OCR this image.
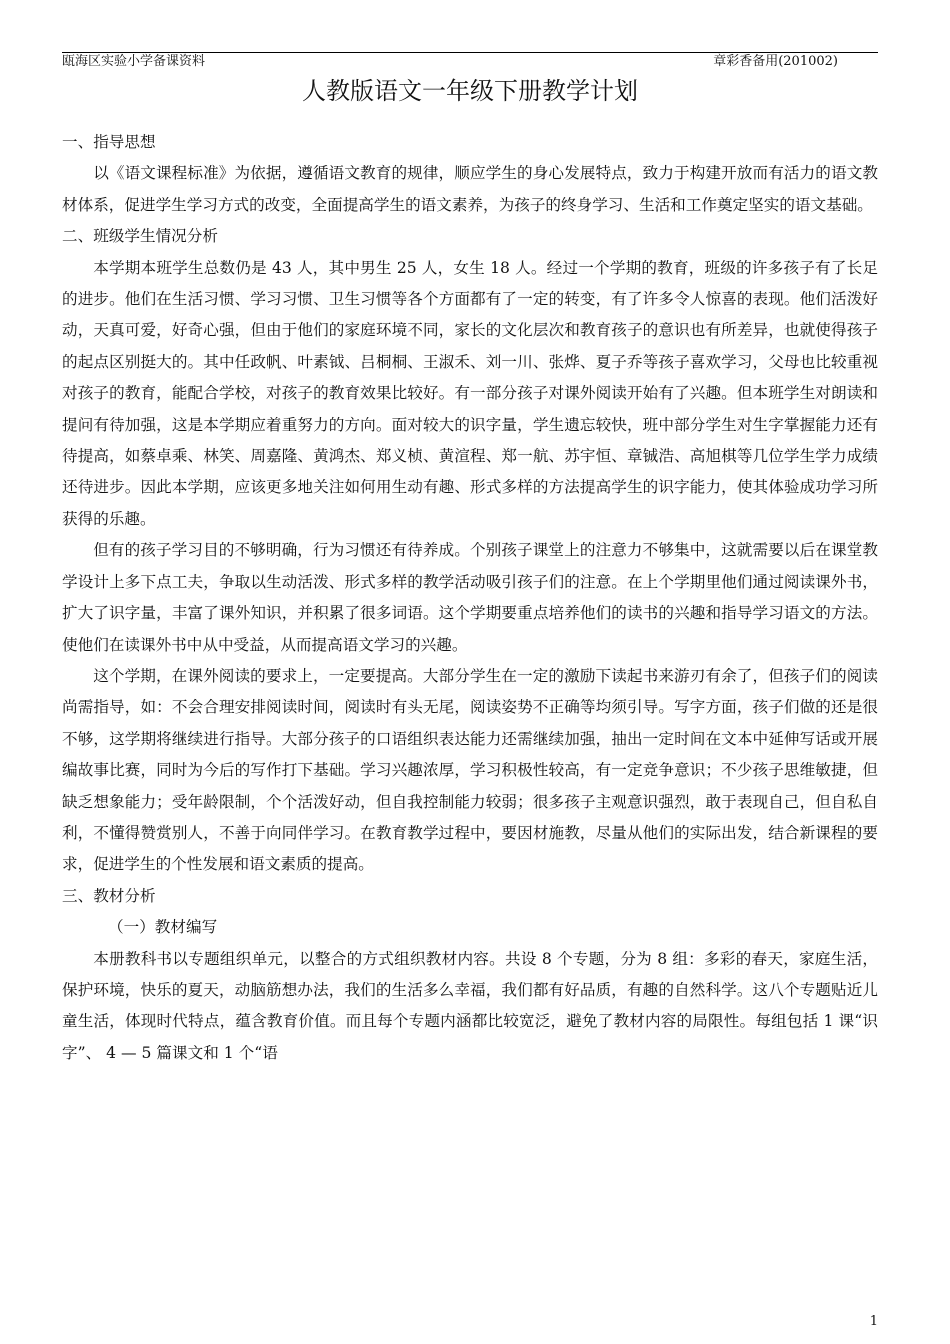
瓯海区实验小学备课资料	章彩香备用(201002)
人教版语文一年级下册教学计划
一、指导思想

以《语文课程标准》为依据，遵循语文教育的规律，顺应学生的身心发展特点，致力于构建开放而有活力的语文教材体系，促进学生学习方式的改变，全面提高学生的语文素养，为孩子的终身学习、生活和工作奠定坚实的语文基础。

二、班级学生情况分析

本学期本班学生总数仍是 43 人，其中男生 25 人，女生 18 人。经过一个学期的教育，班级的许多孩子有了长足的进步。他们在生活习惯、学习习惯、卫生习惯等各个方面都有了一定的转变，有了许多令人惊喜的表现。他们活泼好动，天真可爱，好奇心强，但由于他们的家庭环境不同，家长的文化层次和教育孩子的意识也有所差异，也就使得孩子的起点区别挺大的。其中任政帆、叶素钺、吕桐桐、王淑禾、刘一川、张烨、夏子乔等孩子喜欢学习，父母也比较重视对孩子的教育，能配合学校，对孩子的教育效果比较好。有一部分孩子对课外阅读开始有了兴趣。但本班学生对朗读和提问有待加强，这是本学期应着重努力的方向。面对较大的识字量，学生遗忘较快，班中部分学生对生字掌握能力还有待提高，如蔡卓乘、林笑、周嘉隆、黄鸿杰、郑义桢、黄渲程、郑一航、苏宇恒、章铖浩、高旭棋等几位学生学力成绩还待进步。因此本学期，应该更多地关注如何用生动有趣、形式多样的方法提高学生的识字能力，使其体验成功学习所获得的乐趣。

但有的孩子学习目的不够明确，行为习惯还有待养成。个别孩子课堂上的注意力不够集中，这就需要以后在课堂教学设计上多下点工夫，争取以生动活泼、形式多样的教学活动吸引孩子们的注意。在上个学期里他们通过阅读课外书，扩大了识字量，丰富了课外知识，并积累了很多词语。这个学期要重点培养他们的读书的兴趣和指导学习语文的方法。使他们在读课外书中从中受益，从而提高语文学习的兴趣。

这个学期，在课外阅读的要求上，一定要提高。大部分学生在一定的激励下读起书来游刃有余了，但孩子们的阅读尚需指导，如：不会合理安排阅读时间，阅读时有头无尾，阅读姿势不正确等均须引导。写字方面，孩子们做的还是很不够，这学期将继续进行指导。大部分孩子的口语组织表达能力还需继续加强，抽出一定时间在文本中延伸写话或开展编故事比赛，同时为今后的写作打下基础。学习兴趣浓厚，学习积极性较高，有一定竞争意识；不少孩子思维敏捷，但缺乏想象能力；受年龄限制，个个活泼好动，但自我控制能力较弱；很多孩子主观意识强烈，敢于表现自己，但自私自利，不懂得赞赏别人，不善于向同伴学习。在教育教学过程中，要因材施教，尽量从他们的实际出发，结合新课程的要求，促进学生的个性发展和语文素质的提高。

三、教材分析
（一）教材编写

本册教科书以专题组织单元，以整合的方式组织教材内容。共设 8 个专题，分为 8 组：多彩的春天，家庭生活，保护环境，快乐的夏天，动脑筋想办法，我们的生活多么幸福，我们都有好品质，有趣的自然科学。这八个专题贴近儿童生活，体现时代特点，蕴含教育价值。而且每个专题内涵都比较宽泛，避免了教材内容的局限性。每组包括 1 课“识字”、 4 — 5 篇课文和 1 个“语

1
